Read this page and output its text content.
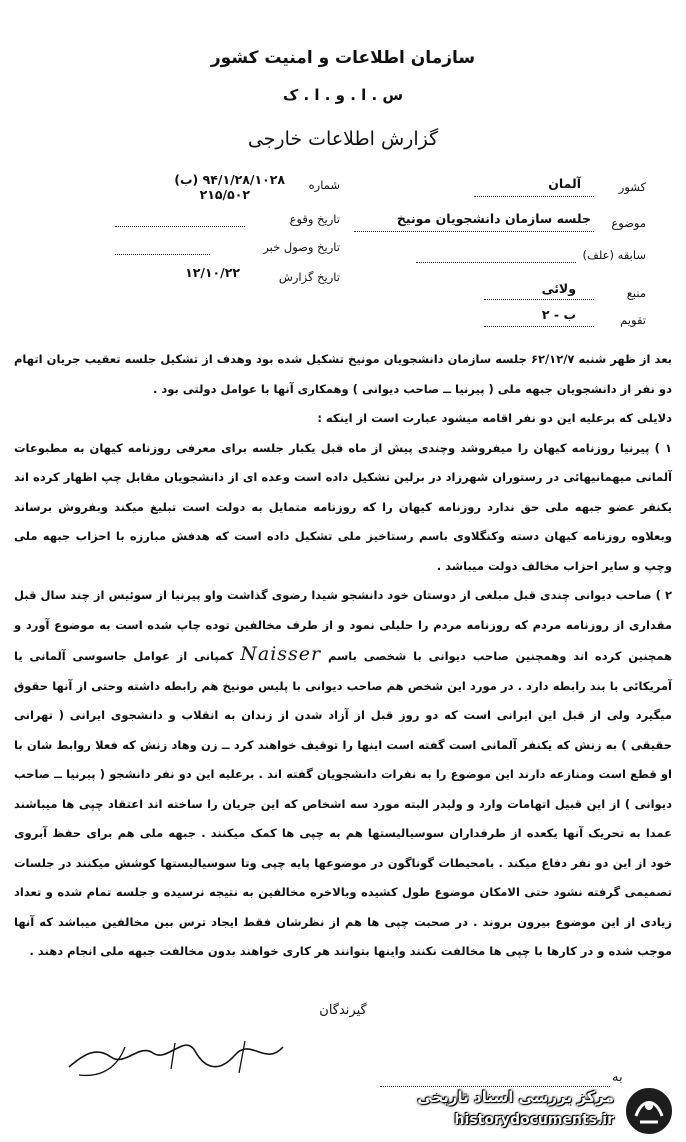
سازمان اطلاعات و امنیت کشور
س . ا . و . ا . ک
گزارش اطلاعات خارجی
کشور
آلمان
موضوع
جلسه سازمان دانشجویان مونیخ
سابقه (علف)
منبع
ولائی
تقویم
ب - ۲
شماره
۹۴/۱/۲۸/۱۰۲۸ (ب)
۲۱۵/۵۰۲
تاریخ وقوع
تاریخ وصول خبر
تاریخ گزارش
۱۲/۱۰/۲۲

بعد از ظهر شنبه ۶۲/۱۲/۷ جلسه سازمان دانشجویان مونیخ تشکیل شده بود وهدف از تشکیل جلسه تعقیب جریان اتهام دو نفر از دانشجویان جبهه ملی ( پیرنیا ــ صاحب دیوانی ) وهمکاری آنها با عوامل دولتی بود .

دلایلی که برعلیه این دو نفر اقامه میشود عبارت است از اینکه :

۱ ) پیرنیا روزنامه کیهان را میفروشد وچندی پیش از ماه قبل یکبار جلسه برای معرفی روزنامه کیهان به مطبوعات آلمانی میهمانیهائی در رستوران شهرزاد در برلین تشکیل داده است وعده ای از دانشجویان مقابل چپ اظهار کرده اند یکنفر عضو جبهه ملی حق ندارد روزنامه کیهان را که روزنامه متمایل به دولت است تبلیغ میکند وبفروش برساند وبعلاوه روزنامه کیهان دسته وکنگلاوی باسم رستاخیز ملی تشکیل داده است که هدفش مبارزه با احزاب جبهه ملی وچپ و سایر احزاب مخالف دولت میباشد .

۲ ) صاحب دیوانی چندی قبل مبلغی از دوستان خود دانشجو شیدا رضوی گذاشت واو پیرنیا از سوئیس از چند سال قبل مقداری از روزنامه مردم که روزنامه مردم را حلیلی نمود و از طرف مخالفین توده چاپ شده است به موضوع آورد و همچنین کرده اند وهمچنین صاحب دیوانی با شخصی باسم Naisser کمپانی از عوامل جاسوسی آلمانی یا آمریکائی با بند رابطه دارد . در مورد این شخص هم صاحب دیوانی با پلیس مونیخ هم رابطه داشته وحتی از آنها حقوق میگیرد ولی از قبل این ایرانی است که دو روز قبل از آزاد شدن از زندان به انقلاب و دانشجوی ایرانی ( تهرانی حقیقی ) به زنش که یکنفر آلمانی است گفته است اینها را توقیف خواهند کرد ــ زن وهاد زنش که فعلا روابط شان با او قطع است ومنازعه دارند این موضوع را به نفرات دانشجویان گفته اند . برعلیه این دو نفر دانشجو ( پیرنیا ــ صاحب دیوانی ) از این قبیل اتهامات وارد و ولیدر البته مورد سه اشخاص که این جریان را ساخته اند اعتقاد چپی ها میباشند عمدا به تحریک آنها یکعده از طرفداران سوسیالیستها هم به چپی ها کمک میکنند . جبهه ملی هم برای حفظ آبروی خود از این دو نفر دفاع میکند . بامحیطات گوناگون در موضوعها پایه چپی وتا سوسیالیستها کوشش میکنند در جلسات تصمیمی گرفته نشود حتی الامکان موضوع طول کشیده وبالاخره مخالفین به نتیجه نرسیده و جلسه تمام شده و تعداد زیادی از این موضوع بیرون بروند . در صحبت چپی ها هم از نظرشان فقط ایجاد ترس بین مخالفین میباشد که آنها موجب شده و در کارها با چپی ها مخالفت نکنند واینها بتوانند هر کاری خواهند بدون مخالفت جبهه ملی انجام دهند .

گیرندگان
به
مرکز بررسی اسناد تاریخی
historydocuments.ir
